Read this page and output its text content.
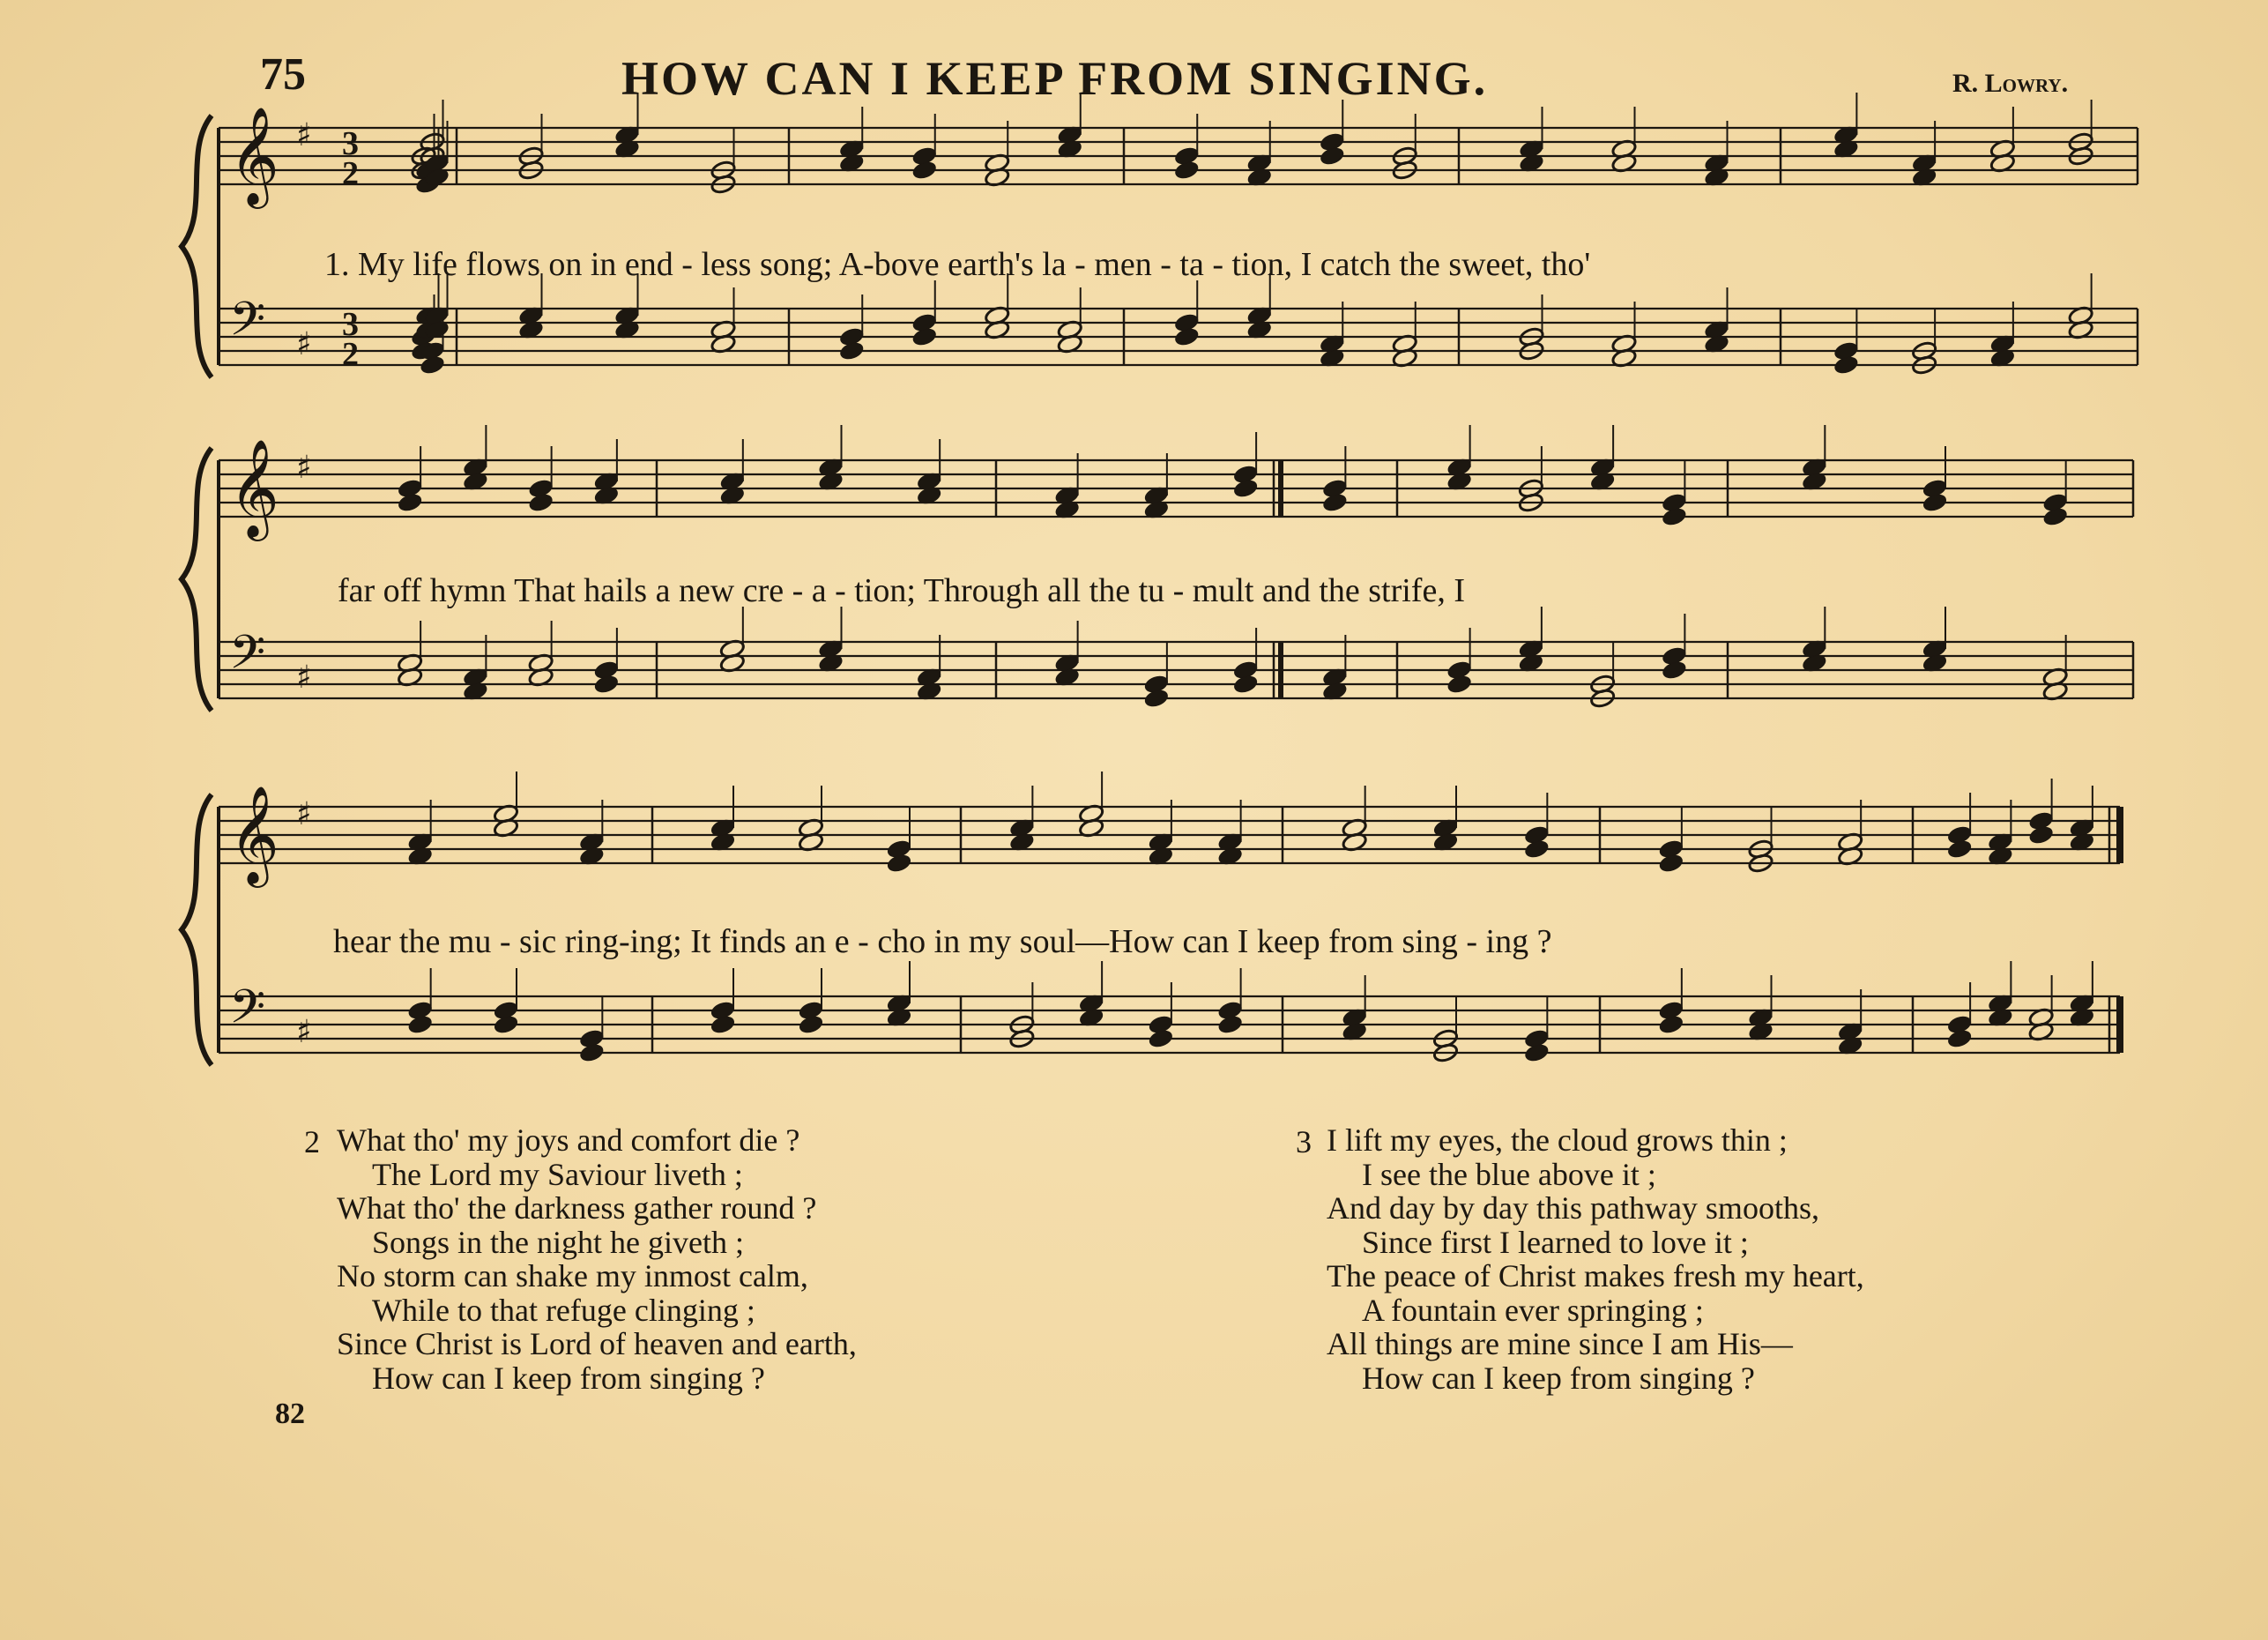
75	HOW CAN I KEEP FROM SINGING.	R. Lowry.
𝄞 ♯ 3
2
𝄢 ♯
3
2
𝄞 ♯
𝄢 ♯
𝄞 ♯
𝄢 ♯
1. My life flows on in end - less song; A-bove earth's la - men - ta - tion, I catch the sweet, tho'
far off hymn That hails a new cre - a - tion; Through all the tu - mult and the strife, I
hear the mu - sic ring-ing; It finds an e - cho in my soul—How can I keep from sing - ing ?
2 What tho' my joys and comfort die ?
The Lord my Saviour liveth ;
What tho' the darkness gather round ?
Songs in the night he giveth ;
No storm can shake my inmost calm,
While to that refuge clinging ;
Since Christ is Lord of heaven and earth,
How can I keep from singing ?
3 I lift my eyes, the cloud grows thin ;
I see the blue above it ;
And day by day this pathway smooths,
Since first I learned to love it ;
The peace of Christ makes fresh my heart,
A fountain ever springing ;
All things are mine since I am His—
How can I keep from singing ?
82
